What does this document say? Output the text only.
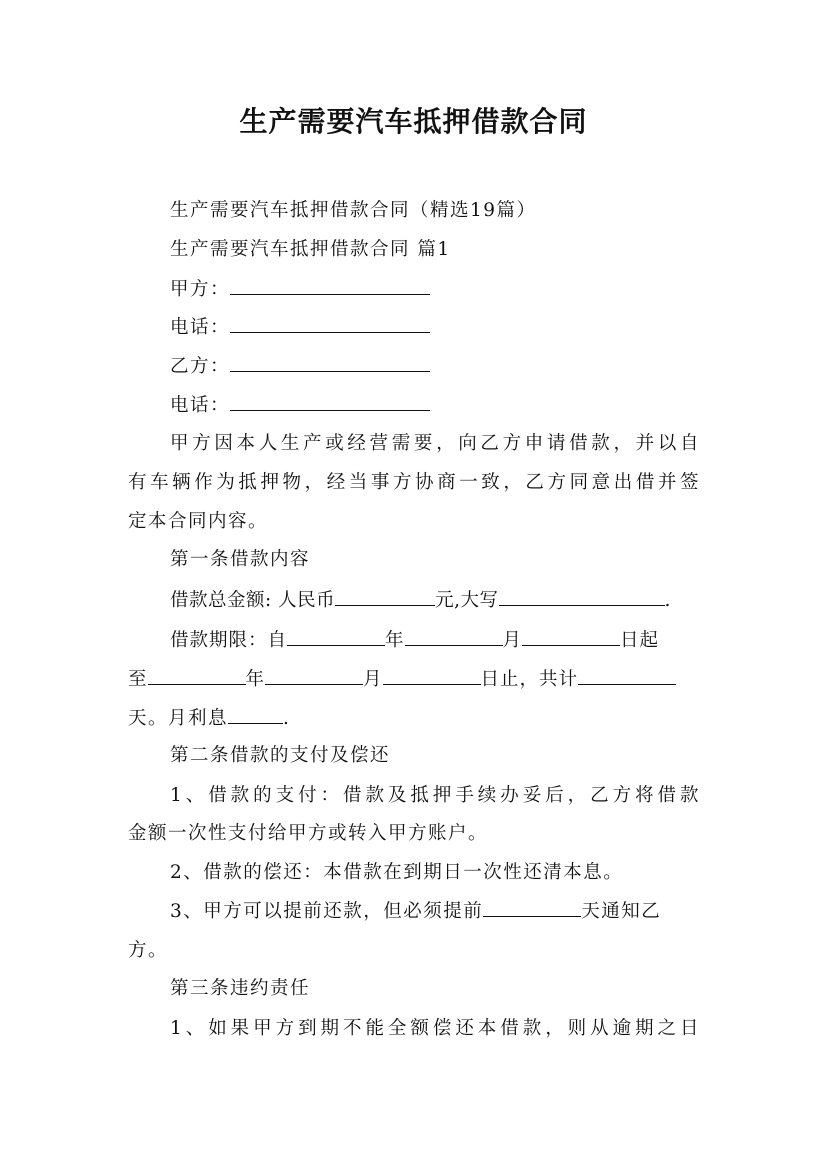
生产需要汽车抵押借款合同
生产需要汽车抵押借款合同（精选19篇）
生产需要汽车抵押借款合同 篇1
甲方：
电话：
乙方：
电话：
甲方因本人生产或经营需要，向乙方申请借款，并以自
有车辆作为抵押物，经当事方协商一致，乙方同意出借并签
定本合同内容。
第一条借款内容
借款总金额: 人民币	元,大写	.
借款期限：自	年	月	日起
至	年	月	日止，共计
天。月利息	.
第二条借款的支付及偿还
1、借款的支付：借款及抵押手续办妥后，乙方将借款
金额一次性支付给甲方或转入甲方账户。
2、借款的偿还：本借款在到期日一次性还清本息。
3、甲方可以提前还款，但必须提前	天通知乙
方。
第三条违约责任
1、如果甲方到期不能全额偿还本借款，则从逾期之日
